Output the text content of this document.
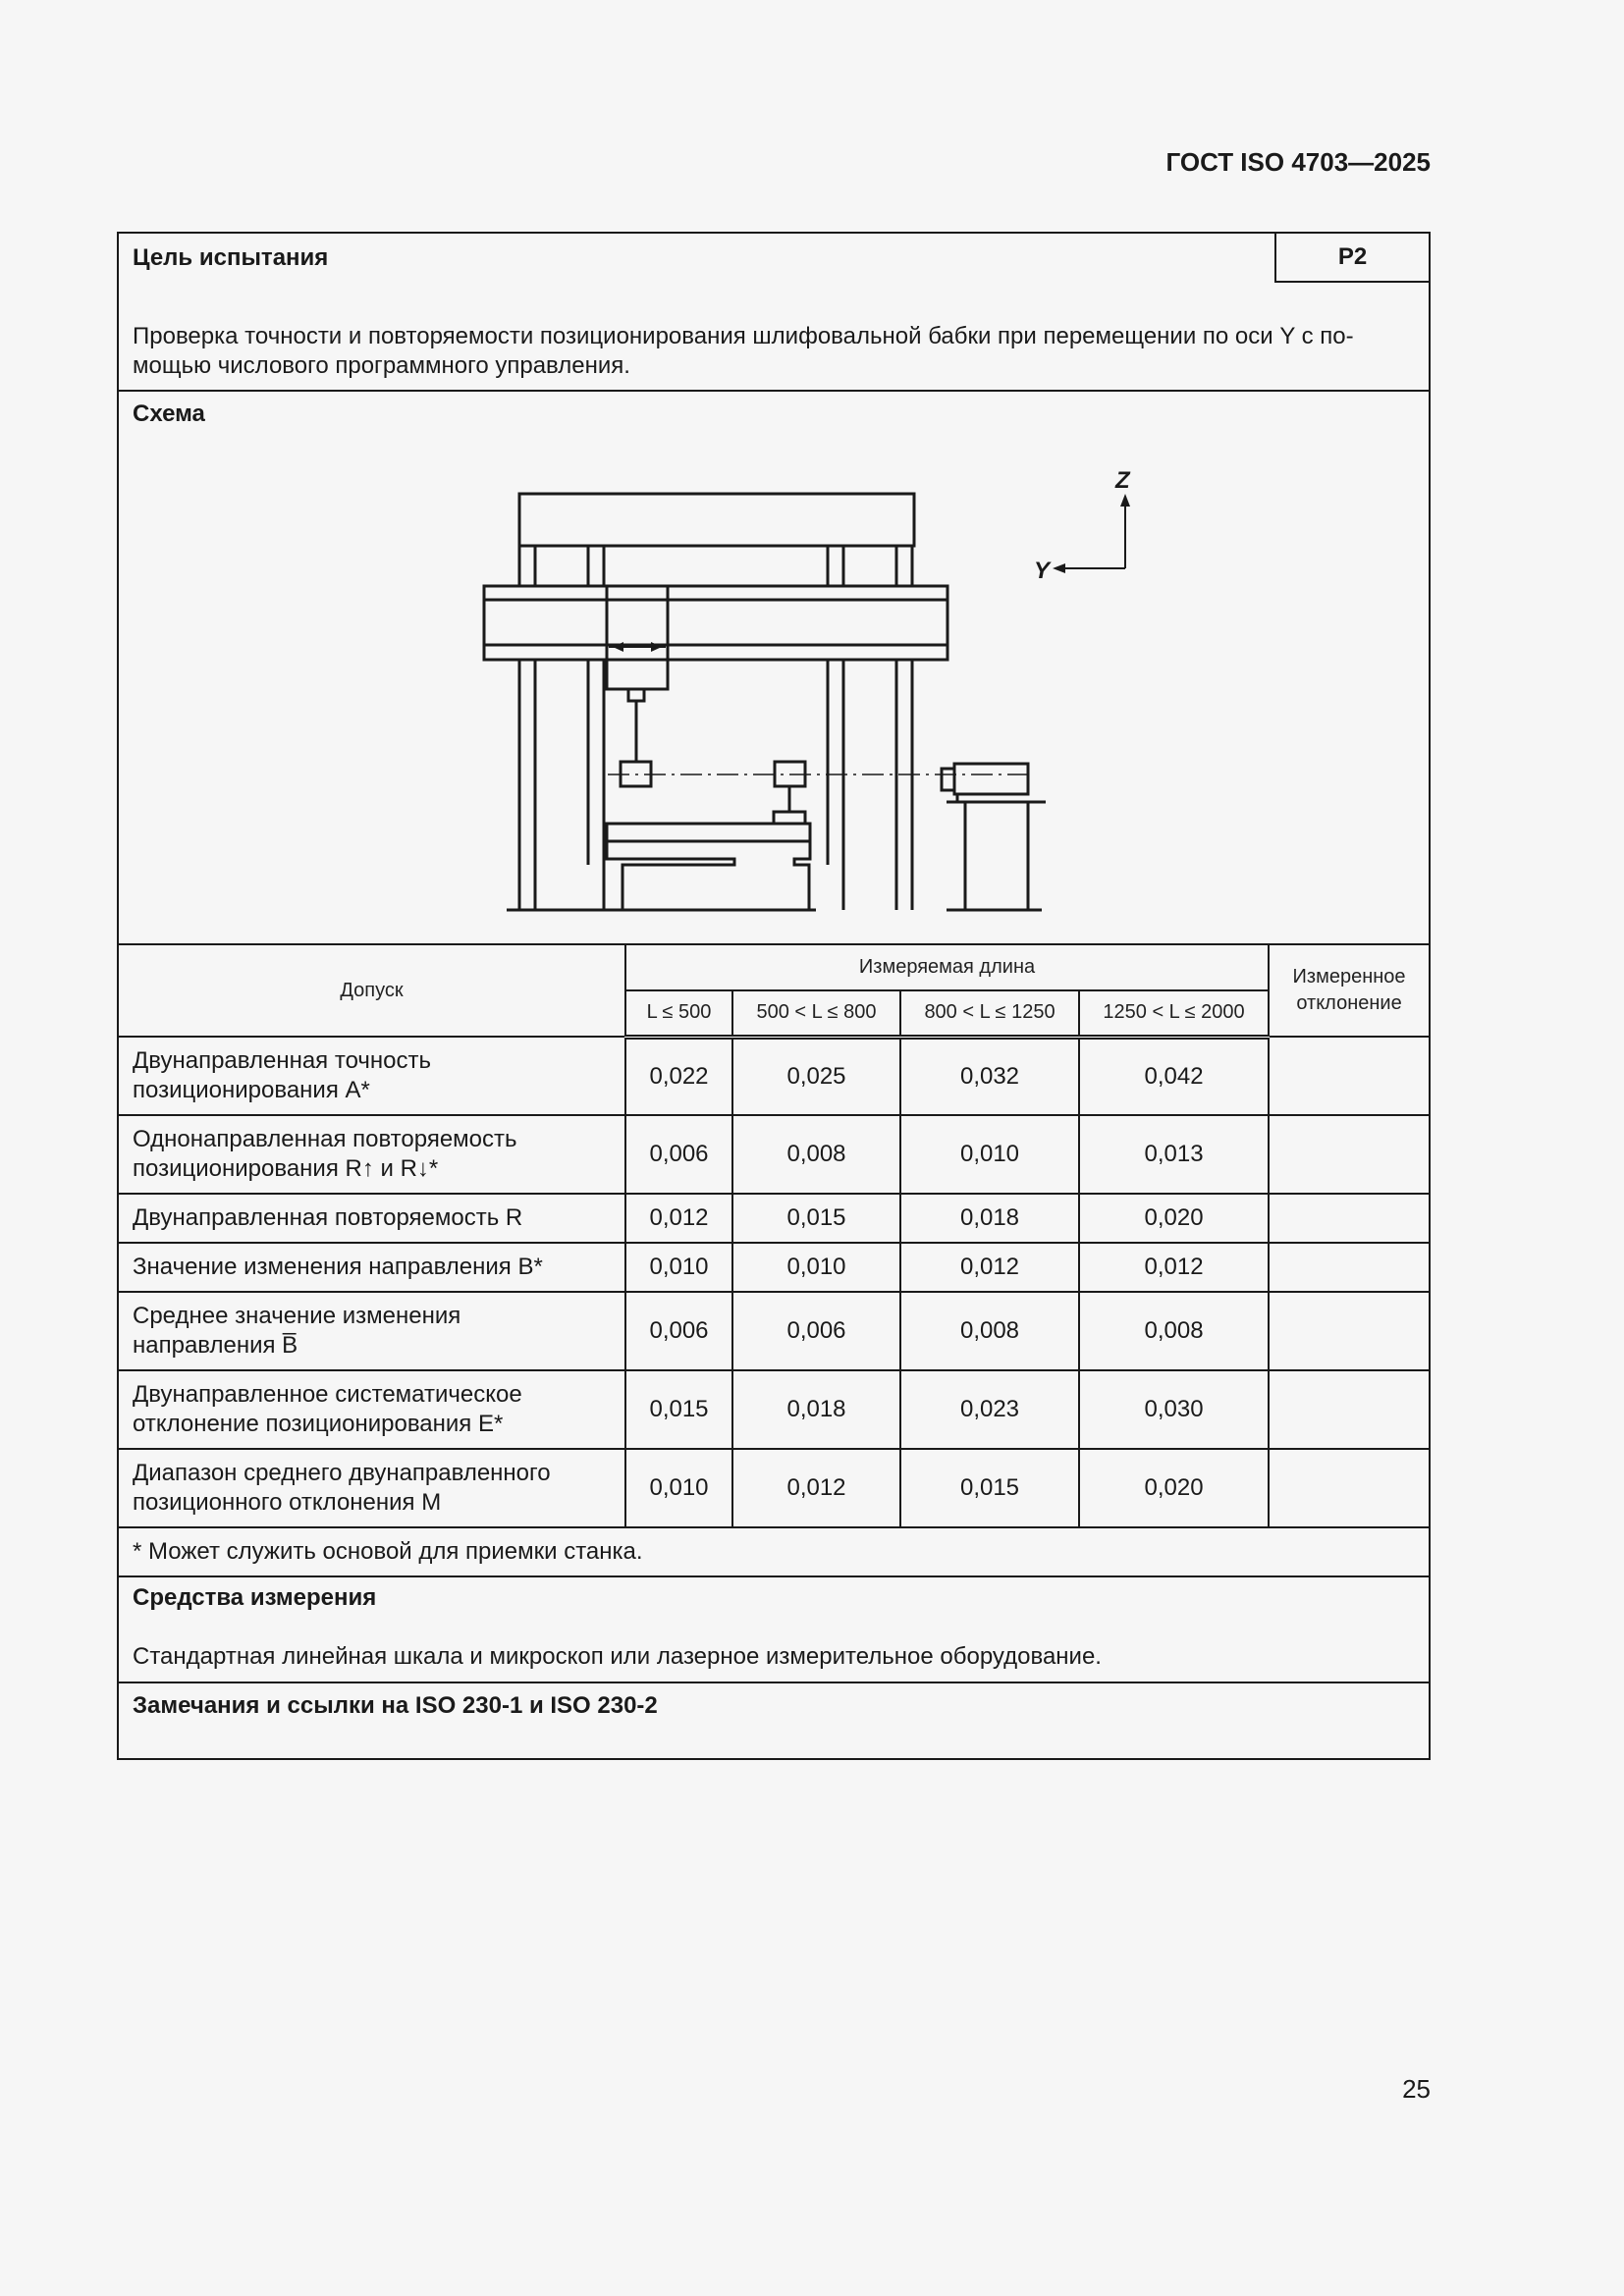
ГОСТ ISO 4703—2025
Цель испытания	P2
Проверка точности и повторяемости позиционирования шлифовальной бабки при перемещении по оси Y с по-
мощью числового программного управления.
Схема
Z
Y
Допуск	Измеряемая длина				Измеренное
отклонение
	L ≤ 500	500 < L ≤ 800	800 < L ≤ 1250	1250 < L ≤ 2000	
Двунаправленная точность
позиционирования A*	0,022	0,025	0,032	0,042	
Однонаправленная повторяемость
позиционирования R↑ и R↓*	0,006	0,008	0,010	0,013	
Двунаправленная повторяемость R	0,012	0,015	0,018	0,020	
Значение изменения направления B*	0,010	0,010	0,012	0,012	
Среднее значение изменения
направления B̅	0,006	0,006	0,008	0,008	
Двунаправленное систематическое
отклонение позиционирования E*	0,015	0,018	0,023	0,030	
Диапазон среднего двунаправленного
позиционного отклонения M	0,010	0,012	0,015	0,020	
* Может служить основой для приемки станка.					
Средства измерения
Стандартная линейная шкала и микроскоп или лазерное измерительное оборудование.
Замечания и ссылки на ISO 230-1 и ISO 230-2
25
